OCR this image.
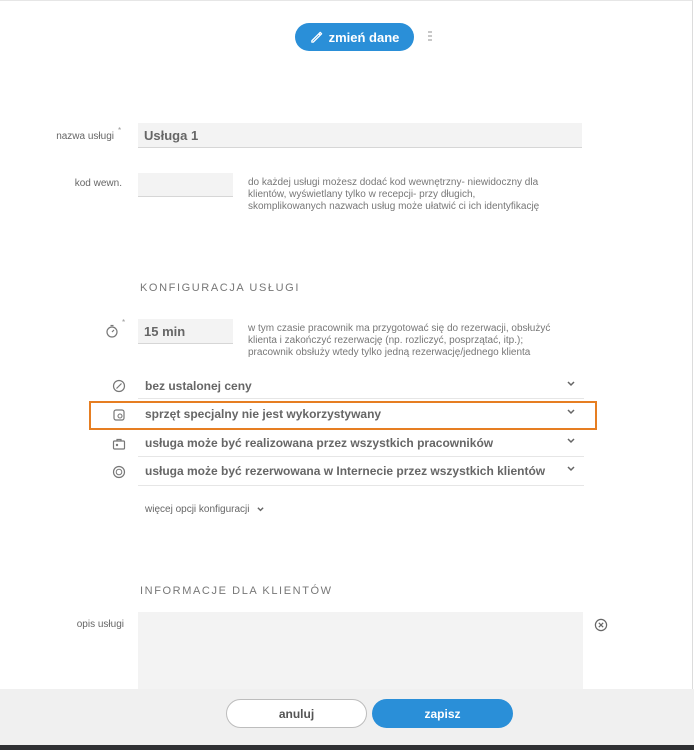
zmień dane
nazwa usługi
*
Usługa 1
kod wewn.	do każdej usługi możesz dodać kod wewnętrzny- niewidoczny dla
klientów, wyświetlany tylko w recepcji- przy długich,
skomplikowanych nazwach usług może ułatwić ci ich identyfikację
KONFIGURACJA USŁUGI
*
15 min
w tym czasie pracownik ma przygotować się do rezerwacji, obsłużyć
klienta i zakończyć rezerwację (np. rozliczyć, posprzątać, itp.);
pracownik obsłuży wtedy tylko jedną rezerwację/jednego klienta
bez ustalonej ceny
sprzęt specjalny nie jest wykorzystywany
usługa może być realizowana przez wszystkich pracowników
usługa może być rezerwowana w Internecie przez wszystkich klientów
więcej opcji konfiguracji
INFORMACJE DLA KLIENTÓW
opis usługi
anuluj	zapisz
